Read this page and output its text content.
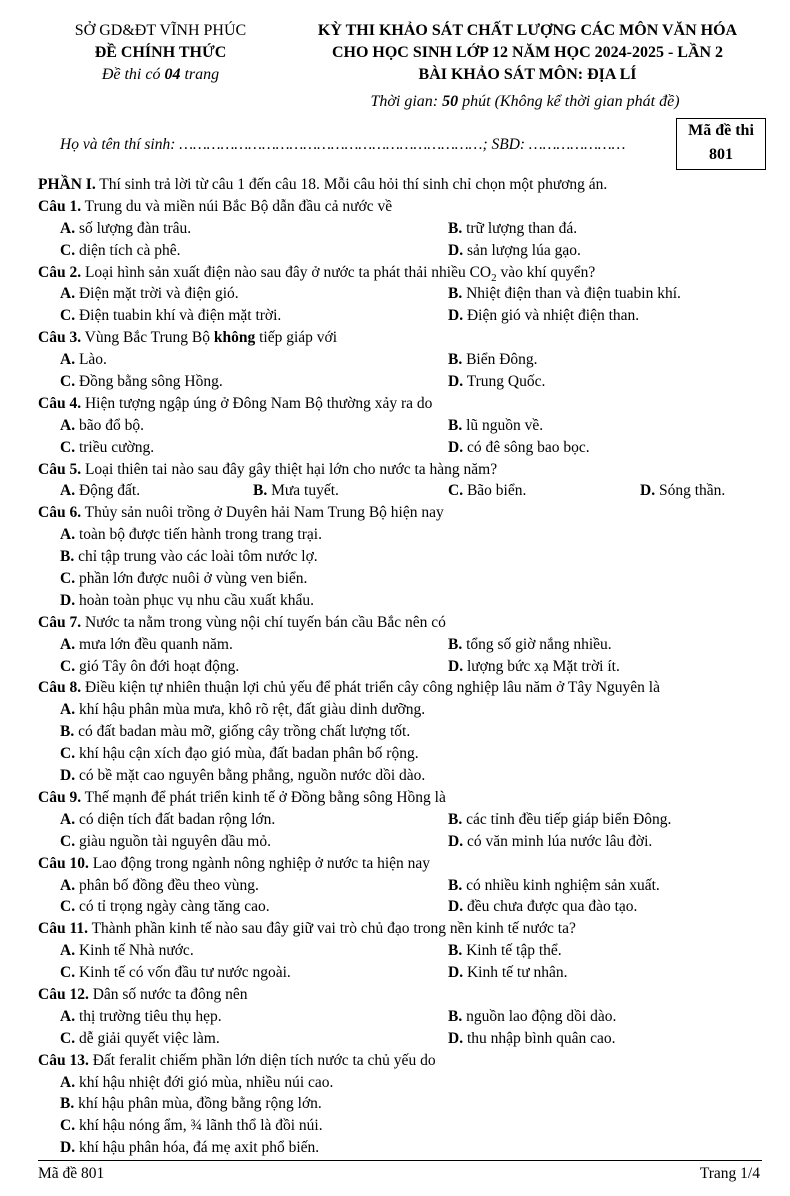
SỞ GD&ĐT VĨNH PHÚC
ĐỀ CHÍNH THỨC
Đề thi có 04 trang
KỲ THI KHẢO SÁT CHẤT LƯỢNG CÁC MÔN VĂN HÓA
CHO HỌC SINH LỚP 12 NĂM HỌC 2024-2025 - LẦN 2
BÀI KHẢO SÁT MÔN: ĐỊA LÍ
Thời gian: 50 phút (Không kể thời gian phát đề)
Họ và tên thí sinh: …………………………………………………………; SBD: …………………
Mã đề thi
801
PHẦN I. Thí sinh trả lời từ câu 1 đến câu 18. Mỗi câu hỏi thí sinh chỉ chọn một phương án.
Câu 1. Trung du và miền núi Bắc Bộ dẫn đầu cả nước về
A. số lượng đàn trâu.	B. trữ lượng than đá.
C. diện tích cà phê.	D. sản lượng lúa gạo.
Câu 2. Loại hình sản xuất điện nào sau đây ở nước ta phát thải nhiều $CO_2$ vào khí quyển?
A. Điện mặt trời và điện gió.	B. Nhiệt điện than và điện tuabin khí.
C. Điện tuabin khí và điện mặt trời.	D. Điện gió và nhiệt điện than.
Câu 3. Vùng Bắc Trung Bộ không tiếp giáp với
A. Lào.	B. Biển Đông.
C. Đồng bằng sông Hồng.	D. Trung Quốc.
Câu 4. Hiện tượng ngập úng ở Đông Nam Bộ thường xảy ra do
A. bão đổ bộ.	B. lũ nguồn về.
C. triều cường.	D. có đê sông bao bọc.
Câu 5. Loại thiên tai nào sau đây gây thiệt hại lớn cho nước ta hàng năm?
A. Động đất.	B. Mưa tuyết.	C. Bão biển.	D. Sóng thần.
Câu 6. Thủy sản nuôi trồng ở Duyên hải Nam Trung Bộ hiện nay
A. toàn bộ được tiến hành trong trang trại.
B. chỉ tập trung vào các loài tôm nước lợ.
C. phần lớn được nuôi ở vùng ven biển.
D. hoàn toàn phục vụ nhu cầu xuất khẩu.
Câu 7. Nước ta nằm trong vùng nội chí tuyến bán cầu Bắc nên có
A. mưa lớn đều quanh năm.	B. tổng số giờ nắng nhiều.
C. gió Tây ôn đới hoạt động.	D. lượng bức xạ Mặt trời ít.
Câu 8. Điều kiện tự nhiên thuận lợi chủ yếu để phát triển cây công nghiệp lâu năm ở Tây Nguyên là
A. khí hậu phân mùa mưa, khô rõ rệt, đất giàu dinh dưỡng.
B. có đất badan màu mỡ, giống cây trồng chất lượng tốt.
C. khí hậu cận xích đạo gió mùa, đất badan phân bố rộng.
D. có bề mặt cao nguyên bằng phẳng, nguồn nước dồi dào.
Câu 9. Thế mạnh để phát triển kinh tế ở Đồng bằng sông Hồng là
A. có diện tích đất badan rộng lớn.	B. các tỉnh đều tiếp giáp biển Đông.
C. giàu nguồn tài nguyên dầu mỏ.	D. có văn minh lúa nước lâu đời.
Câu 10. Lao động trong ngành nông nghiệp ở nước ta hiện nay
A. phân bố đồng đều theo vùng.	B. có nhiều kinh nghiệm sản xuất.
C. có tỉ trọng ngày càng tăng cao.	D. đều chưa được qua đào tạo.
Câu 11. Thành phần kinh tế nào sau đây giữ vai trò chủ đạo trong nền kinh tế nước ta?
A. Kinh tế Nhà nước.	B. Kinh tế tập thể.
C. Kinh tế có vốn đầu tư nước ngoài.	D. Kinh tế tư nhân.
Câu 12. Dân số nước ta đông nên
A. thị trường tiêu thụ hẹp.	B. nguồn lao động dồi dào.
C. dễ giải quyết việc làm.	D. thu nhập bình quân cao.
Câu 13. Đất feralit chiếm phần lớn diện tích nước ta chủ yếu do
A. khí hậu nhiệt đới gió mùa, nhiều núi cao.
B. khí hậu phân mùa, đồng bằng rộng lớn.
C. khí hậu nóng ẩm, ¾ lãnh thổ là đồi núi.
D. khí hậu phân hóa, đá mẹ axit phổ biến.
Mã đề 801	Trang 1/4
